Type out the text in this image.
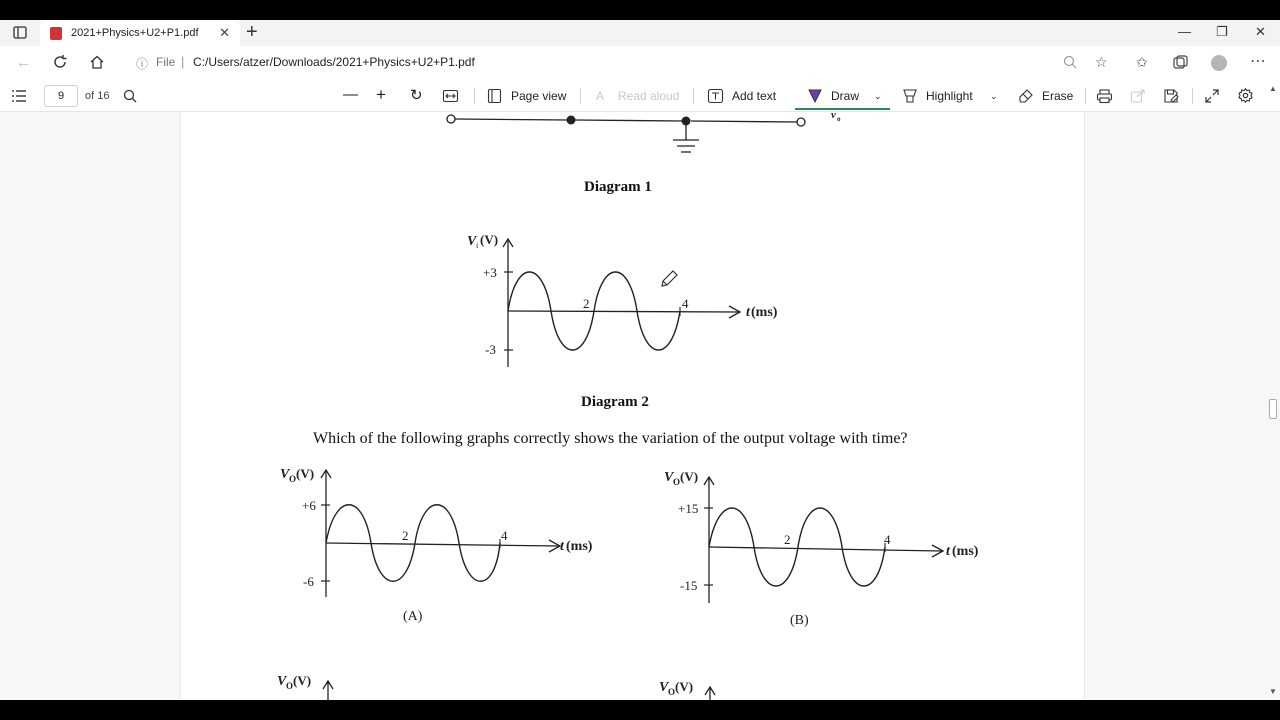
2021+Physics+U2+P1.pdf ✕ +	— ❐ ✕
←	ⓘ File | C:/Users/atzer/Downloads/2021+Physics+U2+P1.pdf	☆ ✩	⋯
9	of 16	— + ↻	Page view A Read aloud	Add text	Draw ⌄	Highlight ⌄	Erase
v o
Diagram 1
V i (V)
+3
-3
2	4
t (ms)
Diagram 2
Which of the following graphs correctly shows the variation of the output voltage with time?
V O (V)
+6
-6
2	4
t (ms)
(A)
V O (V)
+15
-15
2	4
t (ms)
(B)
V O (V)	V O (V)
▲
▼
